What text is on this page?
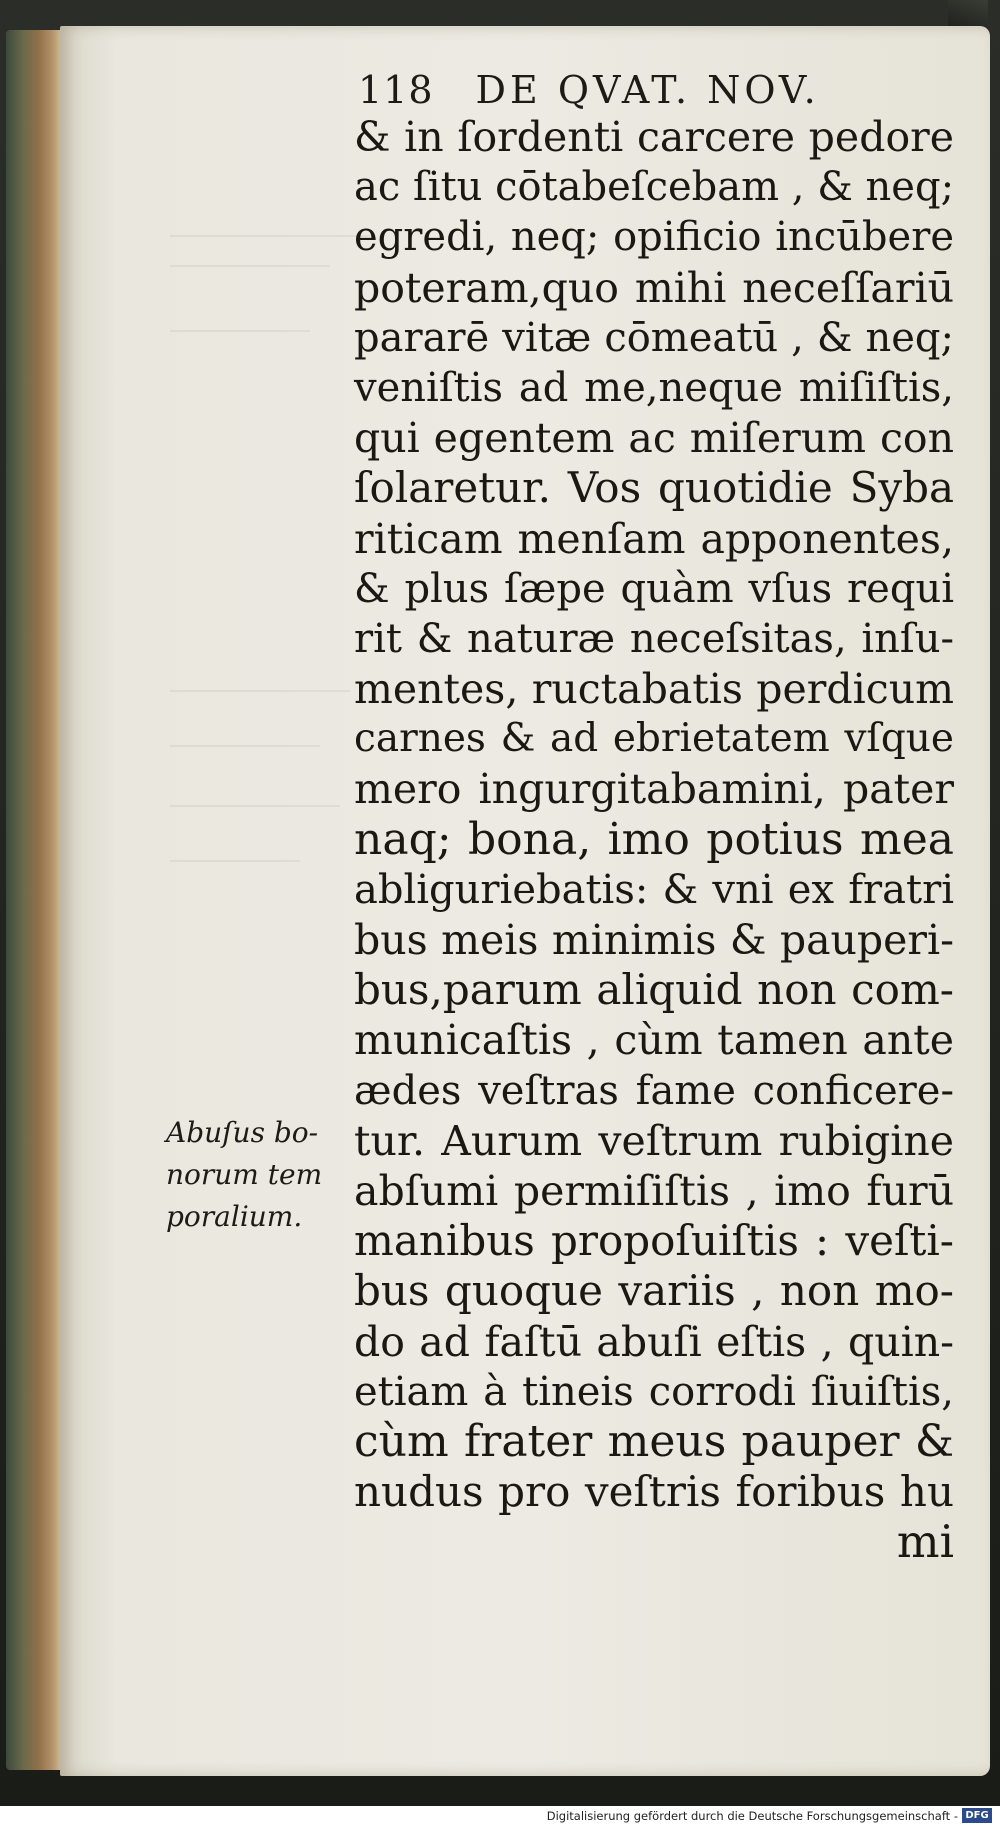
118 DE QVAT. NOV.
& in ſordenti carcere pedore
ac ſitu cōtabeſcebam , & neq;
egredi, neq; opificio incūbere
poteram,quo mihi neceſſariū
pararē vitæ cōmeatū , & neq;
veniſtis ad me,neque miſiſtis,
qui egentem ac miſerum con
ſolaretur. Vos quotidie Syba
riticam menſam apponentes,
& plus ſæpe quàm vſus requi
rit & naturæ neceſsitas, inſu-
mentes, ructabatis perdicum
carnes & ad ebrietatem vſque
mero ingurgitabamini, pater
naq; bona, imo potius mea
abliguriebatis: & vni ex fratri
bus meis minimis & pauperi-
bus,parum aliquid non com-
municaſtis , cùm tamen ante
ædes veſtras fame conficere-
tur. Aurum veſtrum rubigine
abſumi permiſiſtis , imo furū
manibus propoſuiſtis : veſti-
bus quoque variis , non mo-
do ad faſtū abuſi eſtis , quin-
etiam à tineis corrodi ſiuiſtis,
cùm frater meus pauper &
nudus pro veſtris foribus hu
mi
Abuſus bo-
norum tem
poralium.
Digitalisierung gefördert durch die Deutsche Forschungsgemeinschaft - DFG
